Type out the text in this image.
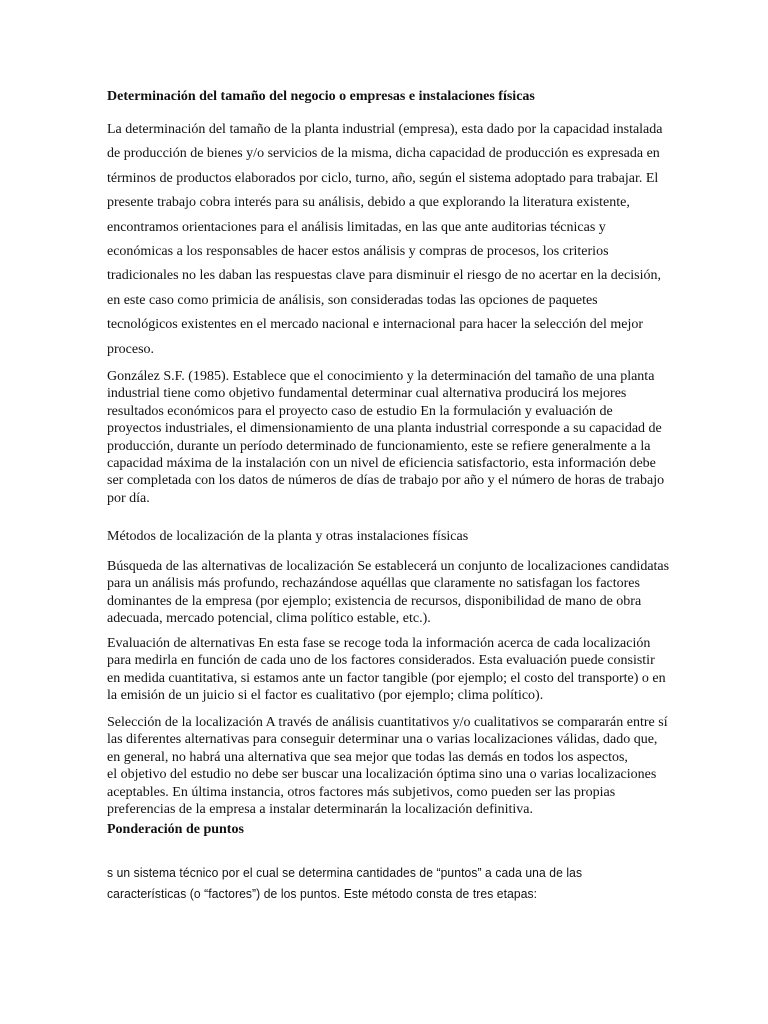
Determinación del tamaño del negocio o empresas e instalaciones físicas

La determinación del tamaño de la planta industrial (empresa), esta dado por la capacidad instalada
de producción de bienes y/o servicios de la misma, dicha capacidad de producción es expresada en
términos de productos elaborados por ciclo, turno, año, según el sistema adoptado para trabajar. El
presente trabajo cobra interés para su análisis, debido a que explorando la literatura existente,
encontramos orientaciones para el análisis limitadas, en las que ante auditorias técnicas y
económicas a los responsables de hacer estos análisis y compras de procesos, los criterios
tradicionales no les daban las respuestas clave para disminuir el riesgo de no acertar en la decisión,
en este caso como primicia de análisis, son consideradas todas las opciones de paquetes
tecnológicos existentes en el mercado nacional e internacional para hacer la selección del mejor
proceso.

González S.F. (1985). Establece que el conocimiento y la determinación del tamaño de una planta
industrial tiene como objetivo fundamental determinar cual alternativa producirá los mejores
resultados económicos para el proyecto caso de estudio En la formulación y evaluación de
proyectos industriales, el dimensionamiento de una planta industrial corresponde a su capacidad de
producción, durante un período determinado de funcionamiento, este se refiere generalmente a la
capacidad máxima de la instalación con un nivel de eficiencia satisfactorio, esta información debe
ser completada con los datos de números de días de trabajo por año y el número de horas de trabajo
por día.

Métodos de localización de la planta y otras instalaciones físicas

Búsqueda de las alternativas de localización Se establecerá un conjunto de localizaciones candidatas
para un análisis más profundo, rechazándose aquéllas que claramente no satisfagan los factores
dominantes de la empresa (por ejemplo; existencia de recursos, disponibilidad de mano de obra
adecuada, mercado potencial, clima político estable, etc.).

Evaluación de alternativas En esta fase se recoge toda la información acerca de cada localización
para medirla en función de cada uno de los factores considerados. Esta evaluación puede consistir
en medida cuantitativa, si estamos ante un factor tangible (por ejemplo; el costo del transporte) o en
la emisión de un juicio si el factor es cualitativo (por ejemplo; clima político).

Selección de la localización A través de análisis cuantitativos y/o cualitativos se compararán entre sí
las diferentes alternativas para conseguir determinar una o varias localizaciones válidas, dado que,
en general, no habrá una alternativa que sea mejor que todas las demás en todos los aspectos,
el objetivo del estudio no debe ser buscar una localización óptima sino una o varias localizaciones
aceptables. En última instancia, otros factores más subjetivos, como pueden ser las propias
preferencias de la empresa a instalar determinarán la localización definitiva.

Ponderación de puntos

s un sistema técnico por el cual se determina cantidades de “puntos” a cada una de las
características (o “factores”) de los puntos. Este método consta de tres etapas:
